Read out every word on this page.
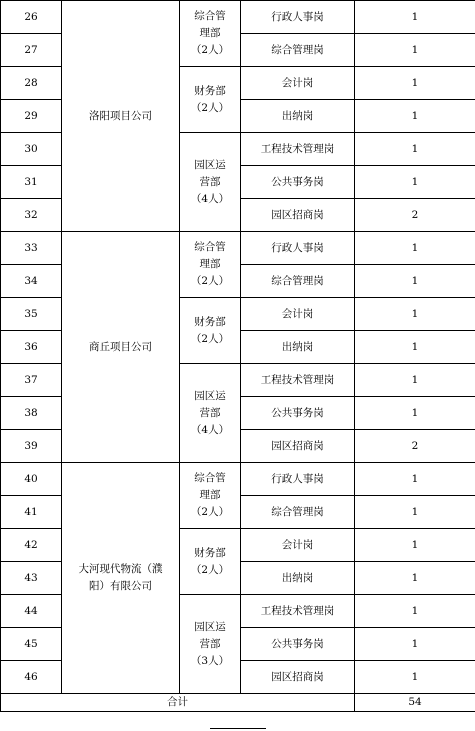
26	洛阳项目公司	综合管
理部
（2人）	行政人事岗	1
27			综合管理岗	1
28		财务部
（2人）	会计岗	1
29			出纳岗	1
30		园区运
营部
（4人）	工程技术管理岗	1
31			公共事务岗	1
32			园区招商岗	2
33	商丘项目公司	综合管
理部
（2人）	行政人事岗	1
34			综合管理岗	1
35		财务部
（2人）	会计岗	1
36			出纳岗	1
37		园区运
营部
（4人）	工程技术管理岗	1
38			公共事务岗	1
39			园区招商岗	2
40	大河现代物流（濮
阳）有限公司	综合管
理部
（2人）	行政人事岗	1
41			综合管理岗	1
42		财务部
（2人）	会计岗	1
43			出纳岗	1
44		园区运
营部
（3人）	工程技术管理岗	1
45			公共事务岗	1
46			园区招商岗	1
合计				54
